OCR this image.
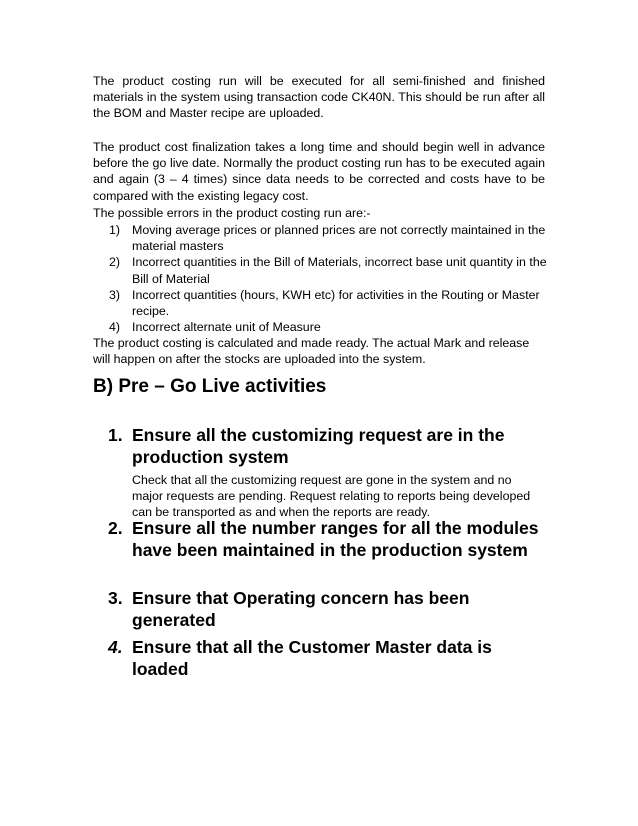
The product costing run will be executed for all semi-finished and finished materials in the system using transaction code CK40N. This should be run after all the BOM and Master recipe are uploaded.

The product cost finalization takes a long time and should begin well in advance before the go live date. Normally the product costing run has to be executed again and again (3 – 4 times) since data needs to be corrected and costs have to be compared with the existing legacy cost.

The possible errors in the product costing run are:-

1) Moving average prices or planned prices are not correctly maintained in the material masters
2) Incorrect quantities in the Bill of Materials, incorrect base unit quantity in the Bill of Material
3) Incorrect quantities (hours, KWH etc) for activities in the Routing or Master recipe.
4) Incorrect alternate unit of Measure

The product costing is calculated and made ready. The actual Mark and release will happen on after the stocks are uploaded into the system.

B) Pre – Go Live activities
1. Ensure all the customizing request are in the production system

Check that all the customizing request are gone in the system and no major requests are pending. Request relating to reports being developed can be transported as and when the reports are ready.

2. Ensure all the number ranges for all the modules have been maintained in the production system

3. Ensure that Operating concern has been generated

4. Ensure that all the Customer Master data is loaded
